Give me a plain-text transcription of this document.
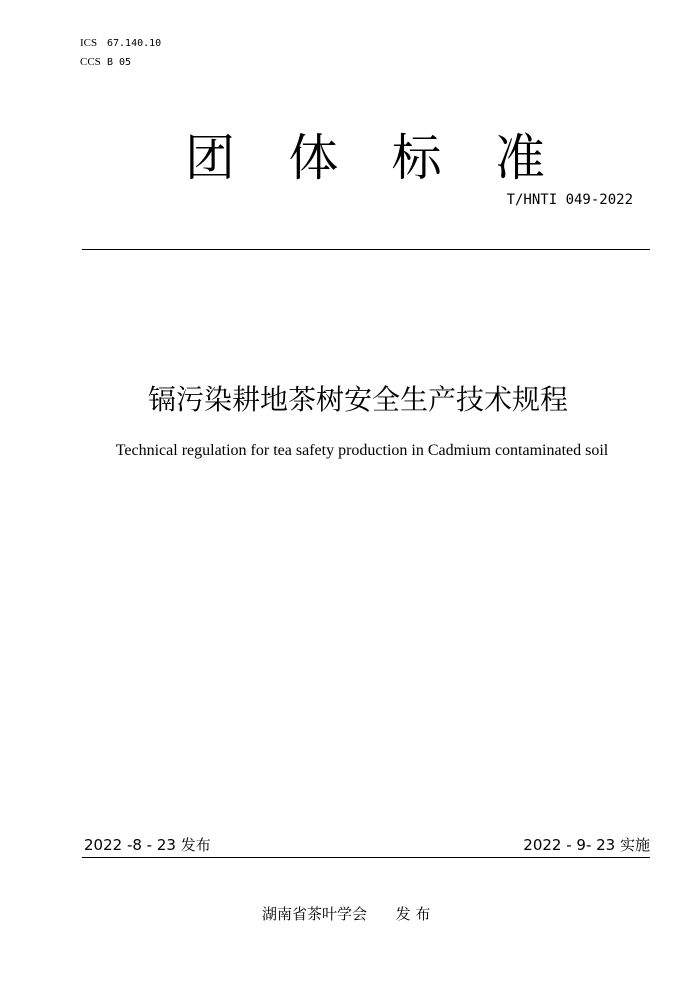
ICS 67.140.10
CCS B 05
团 体 标 准
T/HNTI 049-2022
镉污染耕地茶树安全生产技术规程
Technical regulation for tea safety production in Cadmium contaminated soil
2022 -8 - 23 发布	2022 - 9- 23 实施
湖南省茶叶学会 发 布
